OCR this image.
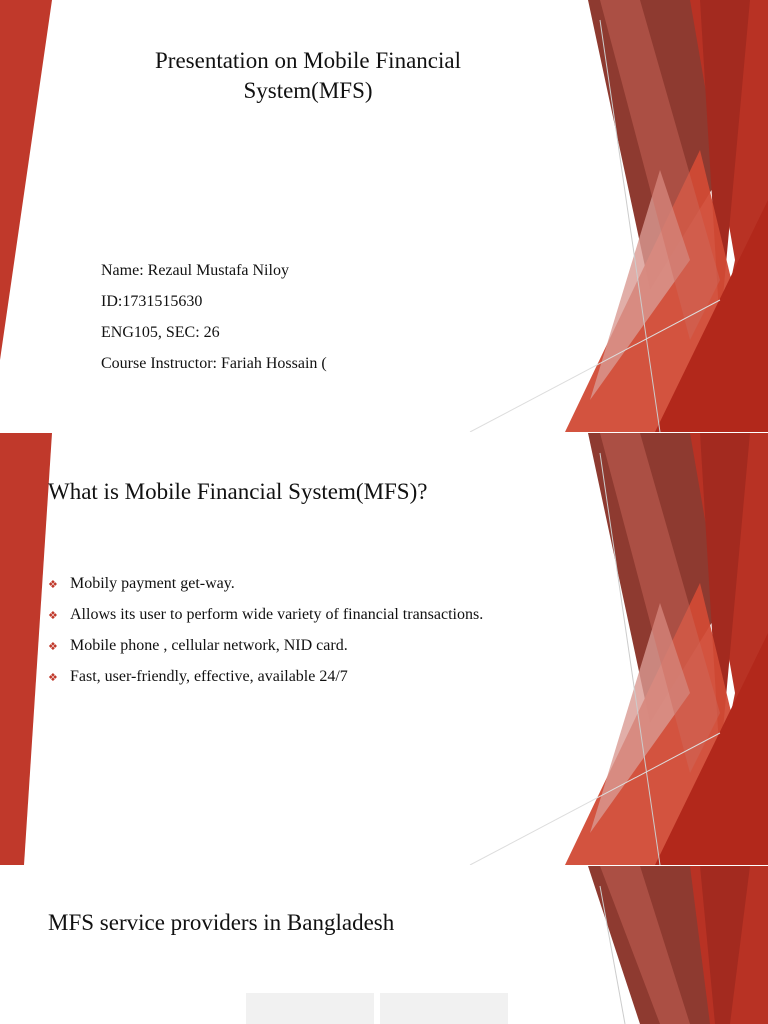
Presentation on Mobile Financial System(MFS)
Name: Rezaul Mustafa Niloy
ID:1731515630
ENG105, SEC: 26
Course Instructor: Fariah Hossain (
What is Mobile Financial System(MFS)?
❖ Mobily payment get-way.
❖ Allows its user to perform wide variety of financial transactions.
❖ Mobile phone , cellular network, NID card.
❖ Fast, user-friendly, effective, available 24/7
MFS service providers in Bangladesh
